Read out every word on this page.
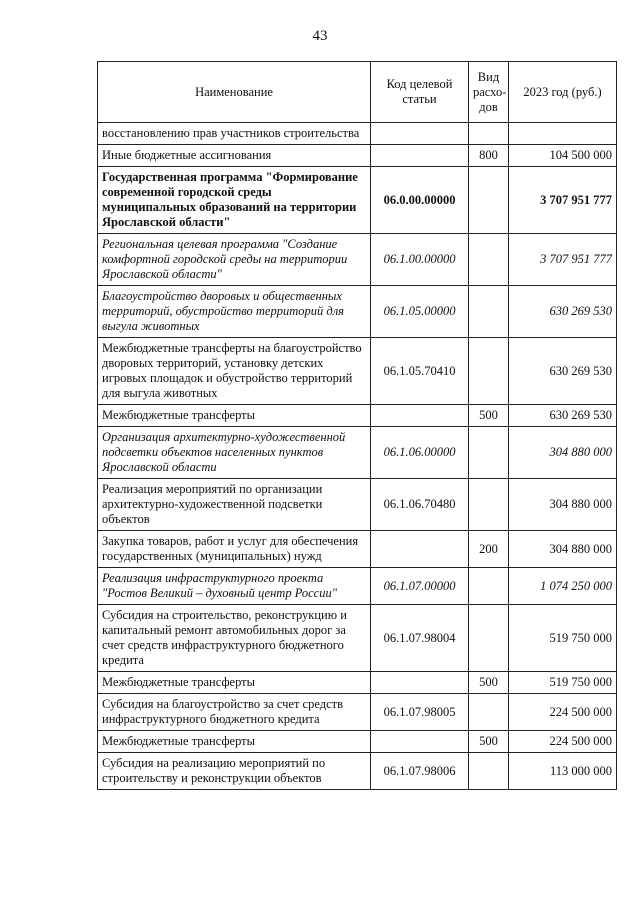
43
Наименование	Код целевой статьи	Вид расхо-дов	2023 год (руб.)
восстановлению прав участников строительства			
Иные бюджетные ассигнования		800	104 500 000
Государственная программа "Формирование современной городской среды муниципальных образований на территории Ярославской области"	06.0.00.00000		3 707 951 777
Региональная целевая программа "Создание комфортной городской среды на территории Ярославской области"	06.1.00.00000		3 707 951 777
Благоустройство дворовых и общественных территорий, обустройство территорий для выгула животных	06.1.05.00000		630 269 530
Межбюджетные трансферты на благоустройство дворовых территорий, установку детских игровых площадок и обустройство территорий для выгула животных	06.1.05.70410		630 269 530
Межбюджетные трансферты		500	630 269 530
Организация архитектурно-художественной подсветки объектов населенных пунктов Ярославской области	06.1.06.00000		304 880 000
Реализация мероприятий по организации архитектурно-художественной подсветки объектов	06.1.06.70480		304 880 000
Закупка товаров, работ и услуг для обеспечения государственных (муниципальных) нужд		200	304 880 000
Реализация инфраструктурного проекта "Ростов Великий – духовный центр России"	06.1.07.00000		1 074 250 000
Субсидия на строительство, реконструкцию и капитальный ремонт автомобильных дорог за счет средств инфраструктурного бюджетного кредита	06.1.07.98004		519 750 000
Межбюджетные трансферты		500	519 750 000
Субсидия на благоустройство за счет средств инфраструктурного бюджетного кредита	06.1.07.98005		224 500 000
Межбюджетные трансферты		500	224 500 000
Субсидия на реализацию мероприятий по строительству и реконструкции объектов	06.1.07.98006		113 000 000
